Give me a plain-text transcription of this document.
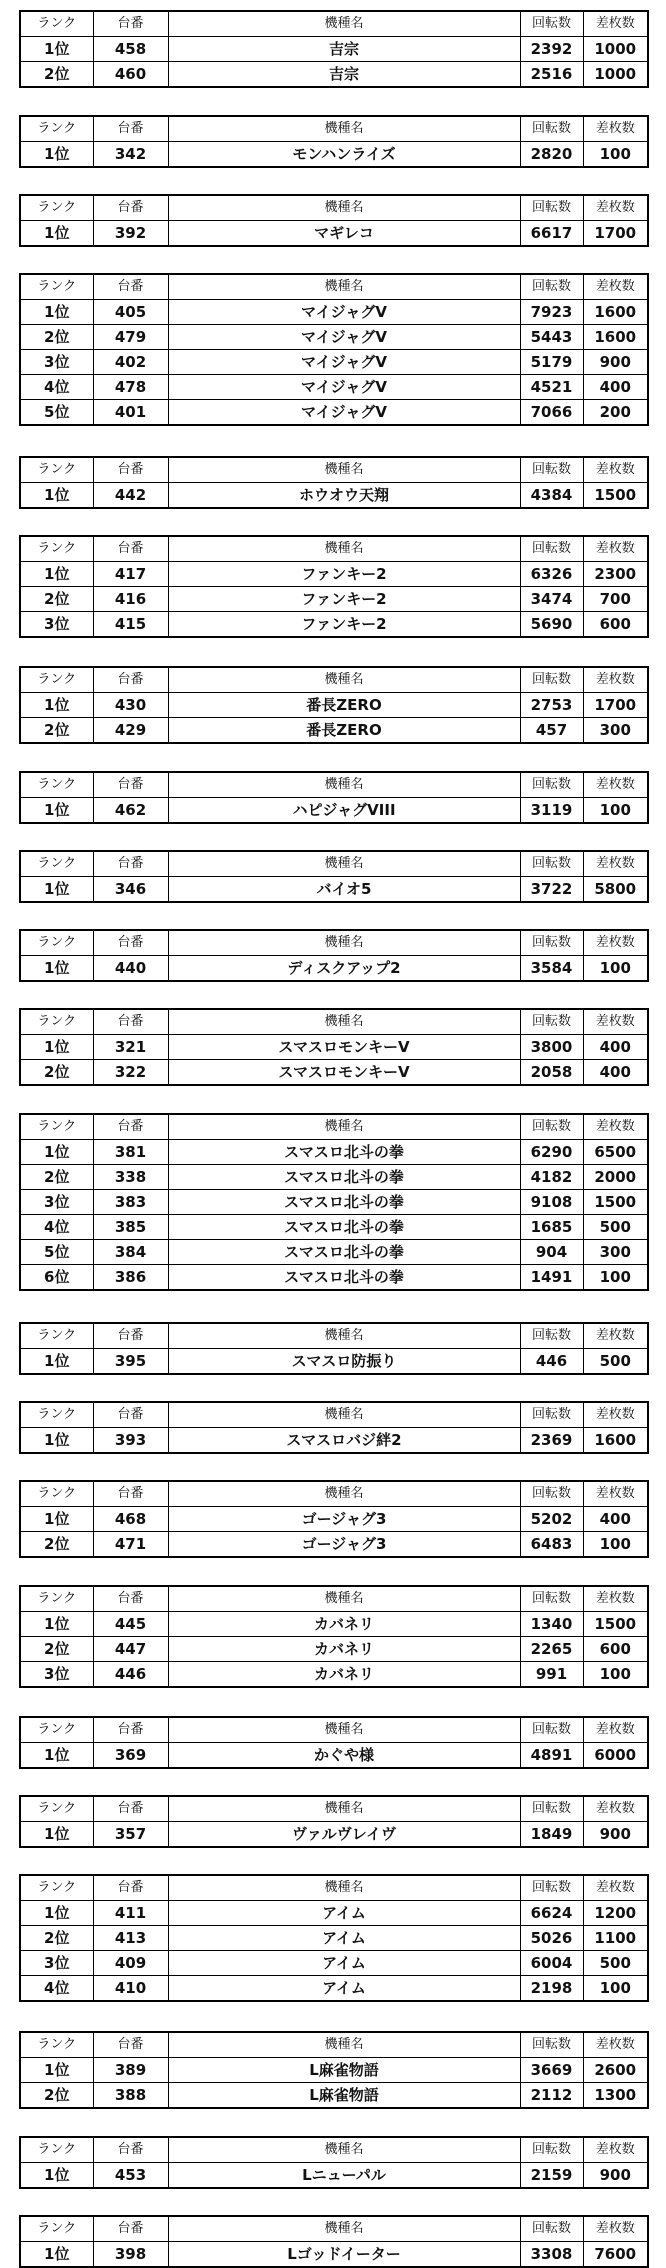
ランク	台番	機種名	回転数	差枚数
1位	458	吉宗	2392	1000
2位	460	吉宗	2516	1000
ランク	台番	機種名	回転数	差枚数
1位	342	モンハンライズ	2820	100
ランク	台番	機種名	回転数	差枚数
1位	392	マギレコ	6617	1700
ランク	台番	機種名	回転数	差枚数
1位	405	マイジャグV	7923	1600
2位	479	マイジャグV	5443	1600
3位	402	マイジャグV	5179	900
4位	478	マイジャグV	4521	400
5位	401	マイジャグV	7066	200
ランク	台番	機種名	回転数	差枚数
1位	442	ホウオウ天翔	4384	1500
ランク	台番	機種名	回転数	差枚数
1位	417	ファンキー2	6326	2300
2位	416	ファンキー2	3474	700
3位	415	ファンキー2	5690	600
ランク	台番	機種名	回転数	差枚数
1位	430	番長ZERO	2753	1700
2位	429	番長ZERO	457	300
ランク	台番	機種名	回転数	差枚数
1位	462	ハピジャグVIII	3119	100
ランク	台番	機種名	回転数	差枚数
1位	346	バイオ5	3722	5800
ランク	台番	機種名	回転数	差枚数
1位	440	ディスクアップ2	3584	100
ランク	台番	機種名	回転数	差枚数
1位	321	スマスロモンキーV	3800	400
2位	322	スマスロモンキーV	2058	400
ランク	台番	機種名	回転数	差枚数
1位	381	スマスロ北斗の拳	6290	6500
2位	338	スマスロ北斗の拳	4182	2000
3位	383	スマスロ北斗の拳	9108	1500
4位	385	スマスロ北斗の拳	1685	500
5位	384	スマスロ北斗の拳	904	300
6位	386	スマスロ北斗の拳	1491	100
ランク	台番	機種名	回転数	差枚数
1位	395	スマスロ防振り	446	500
ランク	台番	機種名	回転数	差枚数
1位	393	スマスロバジ絆2	2369	1600
ランク	台番	機種名	回転数	差枚数
1位	468	ゴージャグ3	5202	400
2位	471	ゴージャグ3	6483	100
ランク	台番	機種名	回転数	差枚数
1位	445	カバネリ	1340	1500
2位	447	カバネリ	2265	600
3位	446	カバネリ	991	100
ランク	台番	機種名	回転数	差枚数
1位	369	かぐや様	4891	6000
ランク	台番	機種名	回転数	差枚数
1位	357	ヴァルヴレイヴ	1849	900
ランク	台番	機種名	回転数	差枚数
1位	411	アイム	6624	1200
2位	413	アイム	5026	1100
3位	409	アイム	6004	500
4位	410	アイム	2198	100
ランク	台番	機種名	回転数	差枚数
1位	389	L麻雀物語	3669	2600
2位	388	L麻雀物語	2112	1300
ランク	台番	機種名	回転数	差枚数
1位	453	Lニューパル	2159	900
ランク	台番	機種名	回転数	差枚数
1位	398	Lゴッドイーター	3308	7600
